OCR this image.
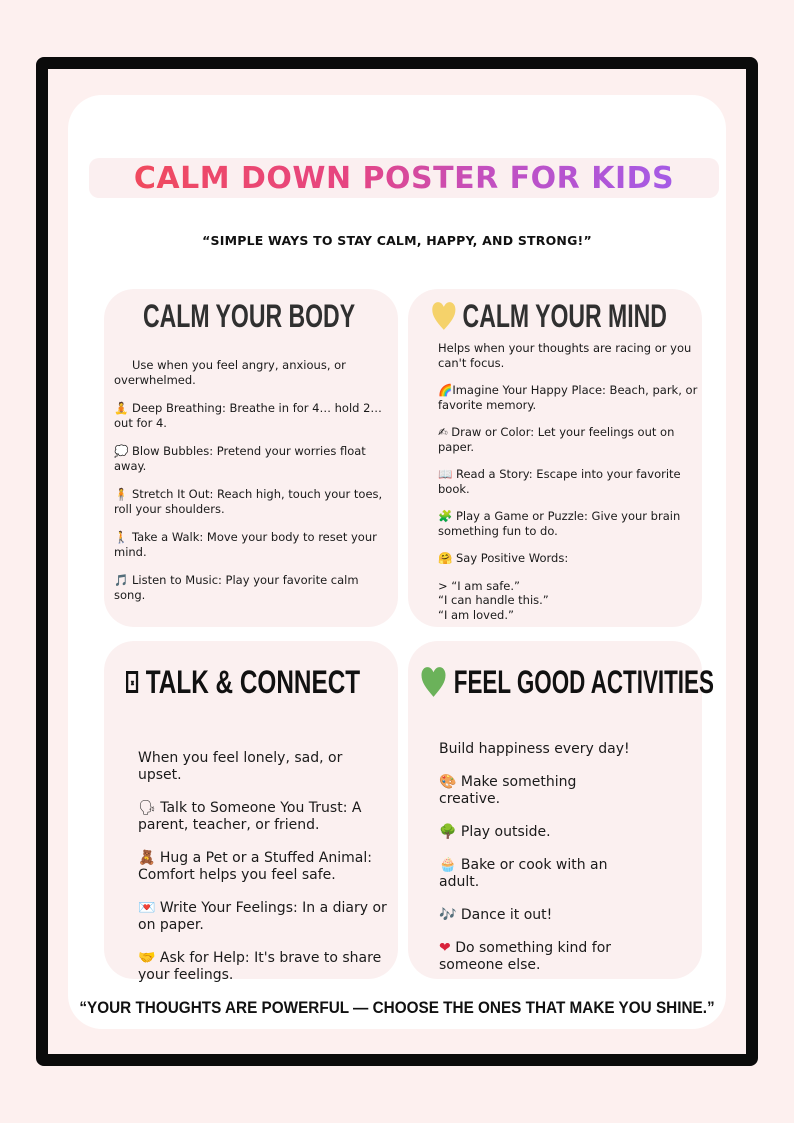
CALM DOWN POSTER FOR KIDS
“SIMPLE WAYS TO STAY CALM, HAPPY, AND STRONG!”
CALM YOUR BODY

Use when you feel angry, anxious, or overwhelmed.

🧘 Deep Breathing: Breathe in for 4… hold 2… out for 4.

💭 Blow Bubbles: Pretend your worries float away.

🧍 Stretch It Out: Reach high, touch your toes, roll your shoulders.

🚶 Take a Walk: Move your body to reset your mind.

🎵 Listen to Music: Play your favorite calm song.

CALM YOUR MIND

Helps when your thoughts are racing or you can't focus.

🌈Imagine Your Happy Place: Beach, park, or favorite memory.

✍ Draw or Color: Let your feelings out on paper.

📖 Read a Story: Escape into your favorite book.

🧩 Play a Game or Puzzle: Give your brain something fun to do.

🤗 Say Positive Words:

> “I am safe.”

“I can handle this.”

“I am loved.”

TALK & CONNECT

When you feel lonely, sad, or upset.

🗣 Talk to Someone You Trust: A parent, teacher, or friend.

🧸 Hug a Pet or a Stuffed Animal: Comfort helps you feel safe.

💌 Write Your Feelings: In a diary or on paper.

🤝 Ask for Help: It's brave to share your feelings.

FEEL GOOD ACTIVITIES

Build happiness every day!

🎨 Make something creative.

🌳 Play outside.

🧁 Bake or cook with an adult.

🎶 Dance it out!

❤ Do something kind for someone else.

“YOUR THOUGHTS ARE POWERFUL — CHOOSE THE ONES THAT MAKE YOU SHINE.”
